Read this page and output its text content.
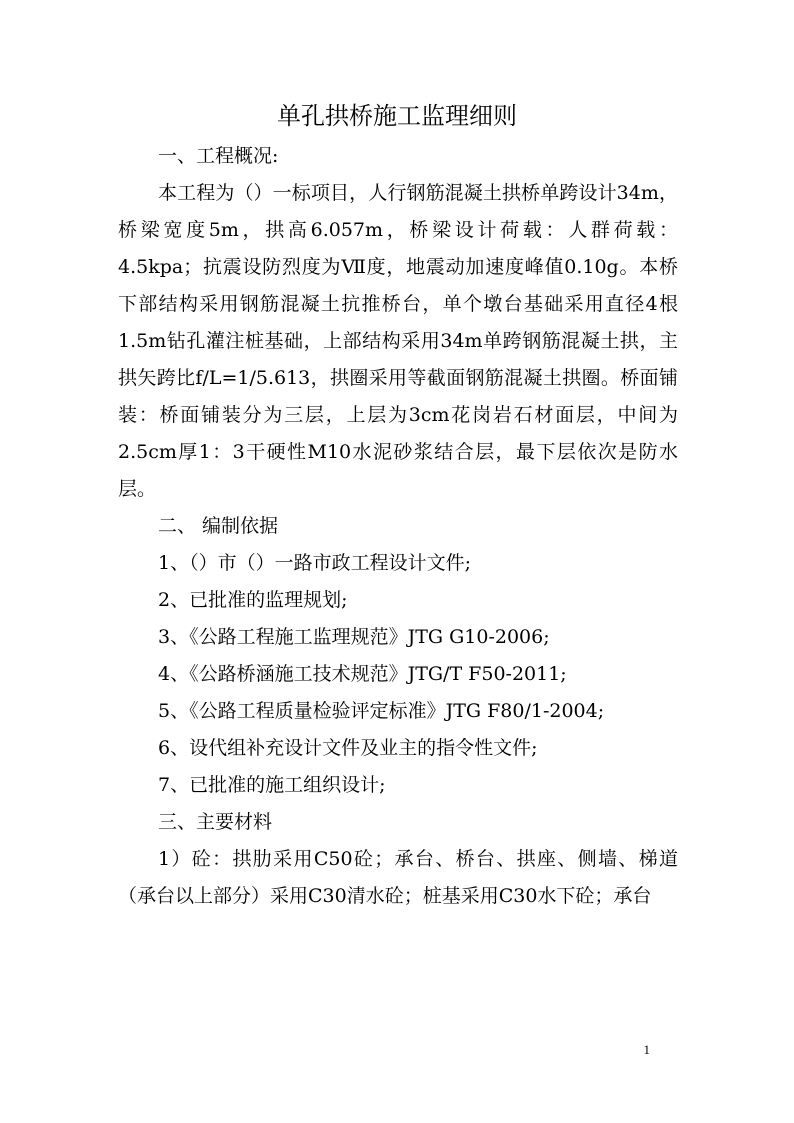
单孔拱桥施工监理细则

一、工程概况:

本工程为（）一标项目，人行钢筋混凝土拱桥单跨设计34m，桥梁宽度5m，拱高6.057m，桥梁设计荷载：人群荷载：4.5kpa；抗震设防烈度为Ⅶ度，地震动加速度峰值0.10g。本桥下部结构采用钢筋混凝土抗推桥台，单个墩台基础采用直径4根1.5m钻孔灌注桩基础，上部结构采用34m单跨钢筋混凝土拱，主拱矢跨比f/L=1/5.613，拱圈采用等截面钢筋混凝土拱圈。桥面铺装：桥面铺装分为三层，上层为3cm花岗岩石材面层，中间为2.5cm厚1：3干硬性M10水泥砂浆结合层，最下层依次是防水层。

二、 编制依据

1、（）市（）一路市政工程设计文件;

2、已批准的监理规划;

3、《公路工程施工监理规范》JTG G10-2006;

4、《公路桥涵施工技术规范》JTG/T F50-2011;

5、《公路工程质量检验评定标准》JTG F80/1-2004;

6、设代组补充设计文件及业主的指令性文件;

7、已批准的施工组织设计;

三、主要材料

1）砼：拱肋采用C50砼；承台、桥台、拱座、侧墙、梯道（承台以上部分）采用C30清水砼；桩基采用C30水下砼；承台

1
